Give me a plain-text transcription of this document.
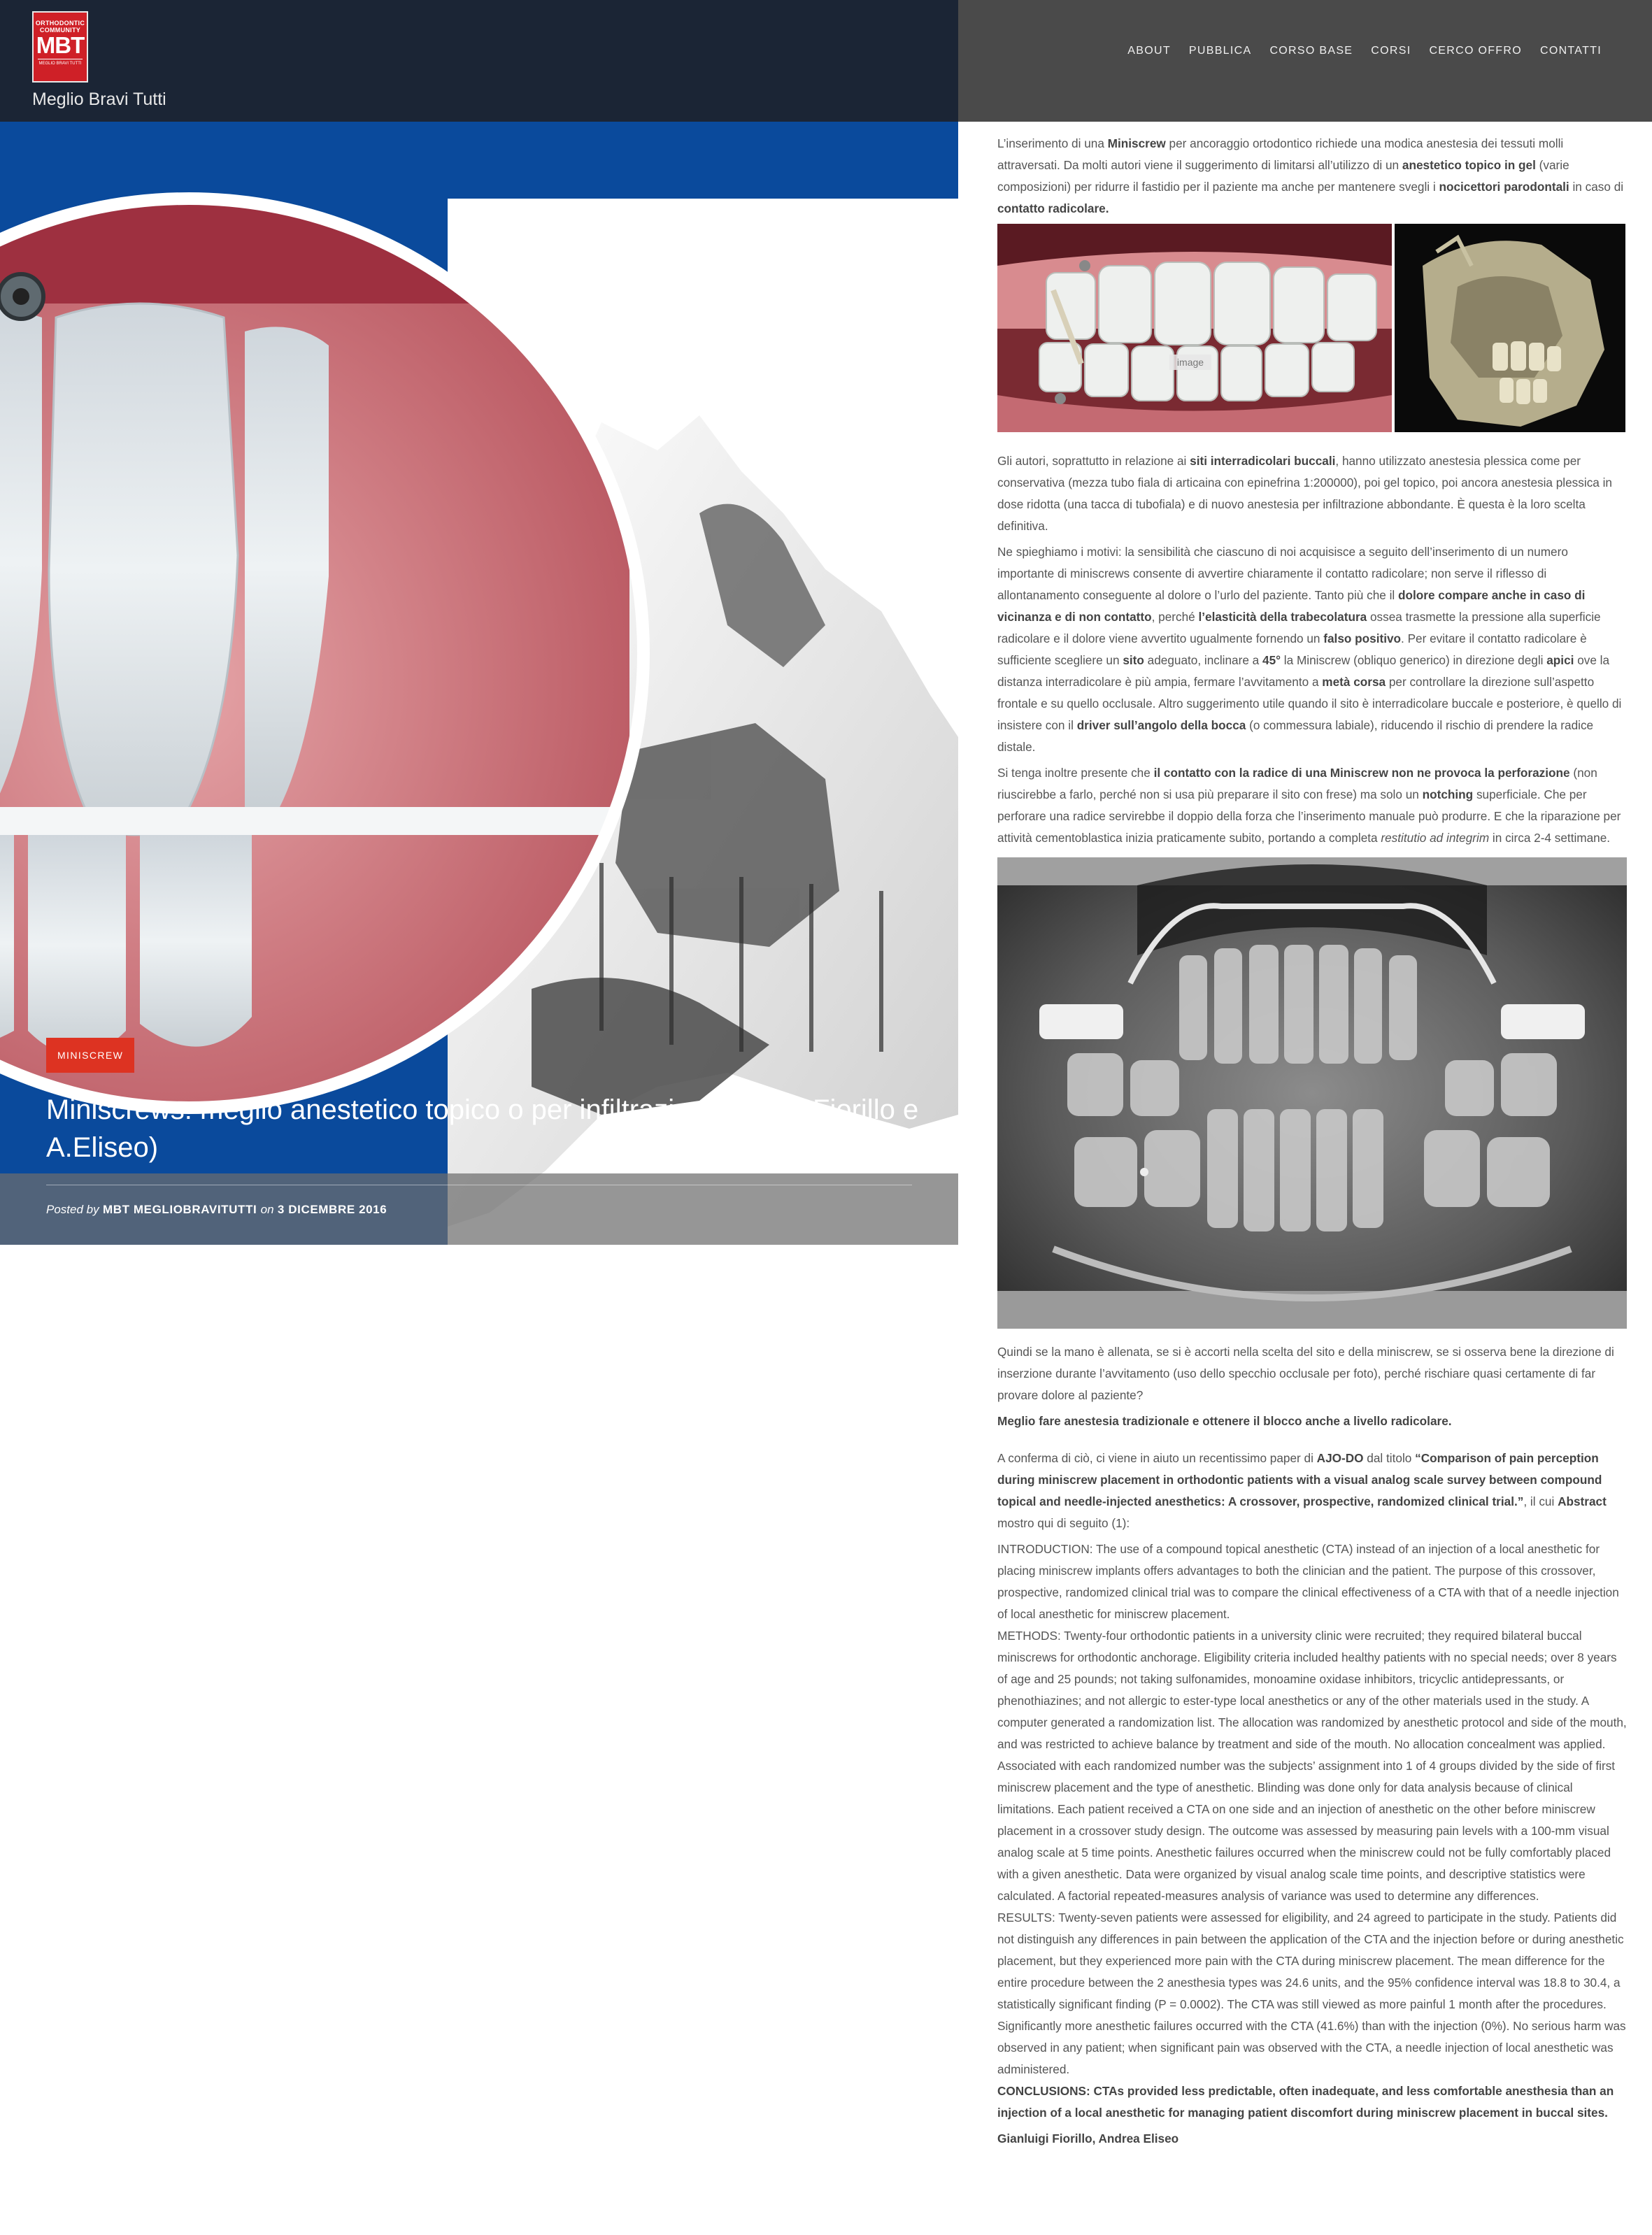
ORTHODONTIC
COMMUNITY
MBT
MEGLIO BRAVI TUTTI
Meglio Bravi Tutti
ABOUT PUBBLICA CORSO BASE CORSI CERCO OFFRO CONTATTI
MINISCREW
Miniscrews: meglio anestetico topico o per infiltrazione? (di G.Fiorillo e A.Eliseo)
Posted by MBT MEGLIOBRAVITUTTI on 3 DICEMBRE 2016

L’inserimento di una Miniscrew per ancoraggio ortodontico richiede una modica anestesia dei tessuti molli attraversati. Da molti autori viene il suggerimento di limitarsi all’utilizzo di un anestetico topico in gel (varie composizioni) per ridurre il fastidio per il paziente ma anche per mantenere svegli i nocicettori parodontali in caso di contatto radicolare.

image

Gli autori, soprattutto in relazione ai siti interradicolari buccali, hanno utilizzato anestesia plessica come per conservativa (mezza tubo fiala di articaina con epinefrina 1:200000), poi gel topico, poi ancora anestesia plessica in dose ridotta (una tacca di tubofiala) e di nuovo anestesia per infiltrazione abbondante. È questa è la loro scelta definitiva.

Ne spieghiamo i motivi: la sensibilità che ciascuno di noi acquisisce a seguito dell’inserimento di un numero importante di miniscrews consente di avvertire chiaramente il contatto radicolare; non serve il riflesso di allontanamento conseguente al dolore o l’urlo del paziente. Tanto più che il dolore compare anche in caso di vicinanza e di non contatto, perché l’elasticità della trabecolatura ossea trasmette la pressione alla superficie radicolare e il dolore viene avvertito ugualmente fornendo un falso positivo. Per evitare il contatto radicolare è sufficiente scegliere un sito adeguato, inclinare a 45° la Miniscrew (obliquo generico) in direzione degli apici ove la distanza interradicolare è più ampia, fermare l’avvitamento a metà corsa per controllare la direzione sull’aspetto frontale e su quello occlusale. Altro suggerimento utile quando il sito è interradicolare buccale e posteriore, è quello di insistere con il driver sull’angolo della bocca (o commessura labiale), riducendo il rischio di prendere la radice distale.

Si tenga inoltre presente che il contatto con la radice di una Miniscrew non ne provoca la perforazione (non riuscirebbe a farlo, perché non si usa più preparare il sito con frese) ma solo un notching superficiale. Che per perforare una radice servirebbe il doppio della forza che l’inserimento manuale può produrre. E che la riparazione per attività cementoblastica inizia praticamente subito, portando a completa restitutio ad integrim in circa 2-4 settimane.

Quindi se la mano è allenata, se si è accorti nella scelta del sito e della miniscrew, se si osserva bene la direzione di inserzione durante l’avvitamento (uso dello specchio occlusale per foto), perché rischiare quasi certamente di far provare dolore al paziente?

Meglio fare anestesia tradizionale e ottenere il blocco anche a livello radicolare.

A conferma di ciò, ci viene in aiuto un recentissimo paper di AJO-DO dal titolo “Comparison of pain perception during miniscrew placement in orthodontic patients with a visual analog scale survey between compound topical and needle-injected anesthetics: A crossover, prospective, randomized clinical trial.”, il cui Abstract mostro qui di seguito (1):

INTRODUCTION: The use of a compound topical anesthetic (CTA) instead of an injection of a local anesthetic for placing miniscrew implants offers advantages to both the clinician and the patient. The purpose of this crossover, prospective, randomized clinical trial was to compare the clinical effectiveness of a CTA with that of a needle injection of local anesthetic for miniscrew placement.
METHODS: Twenty-four orthodontic patients in a university clinic were recruited; they required bilateral buccal miniscrews for orthodontic anchorage. Eligibility criteria included healthy patients with no special needs; over 8 years of age and 25 pounds; not taking sulfonamides, monoamine oxidase inhibitors, tricyclic antidepressants, or phenothiazines; and not allergic to ester-type local anesthetics or any of the other materials used in the study. A computer generated a randomization list. The allocation was randomized by anesthetic protocol and side of the mouth, and was restricted to achieve balance by treatment and side of the mouth. No allocation concealment was applied. Associated with each randomized number was the subjects’ assignment into 1 of 4 groups divided by the side of first miniscrew placement and the type of anesthetic. Blinding was done only for data analysis because of clinical limitations. Each patient received a CTA on one side and an injection of anesthetic on the other before miniscrew placement in a crossover study design. The outcome was assessed by measuring pain levels with a 100-mm visual analog scale at 5 time points. Anesthetic failures occurred when the miniscrew could not be fully comfortably placed with a given anesthetic. Data were organized by visual analog scale time points, and descriptive statistics were calculated. A factorial repeated-measures analysis of variance was used to determine any differences.
RESULTS: Twenty-seven patients were assessed for eligibility, and 24 agreed to participate in the study. Patients did not distinguish any differences in pain between the application of the CTA and the injection before or during anesthetic placement, but they experienced more pain with the CTA during miniscrew placement. The mean difference for the entire procedure between the 2 anesthesia types was 24.6 units, and the 95% confidence interval was 18.8 to 30.4, a statistically significant finding (P = 0.0002). The CTA was still viewed as more painful 1 month after the procedures. Significantly more anesthetic failures occurred with the CTA (41.6%) than with the injection (0%). No serious harm was observed in any patient; when significant pain was observed with the CTA, a needle injection of local anesthetic was administered.
CONCLUSIONS: CTAs provided less predictable, often inadequate, and less comfortable anesthesia than an injection of a local anesthetic for managing patient discomfort during miniscrew placement in buccal sites.

Gianluigi Fiorillo, Andrea Eliseo
